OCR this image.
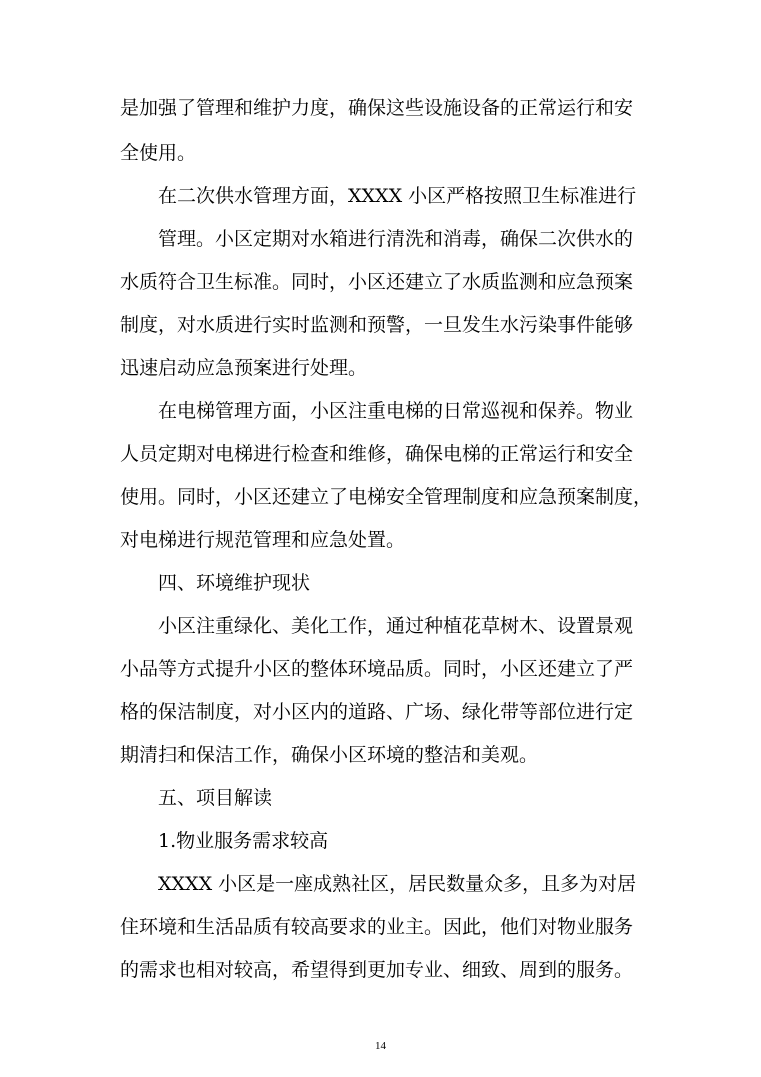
是加强了管理和维护力度，确保这些设施设备的正常运行和安
全使用。
在二次供水管理方面，XXXX 小区严格按照卫生标准进行
管理。小区定期对水箱进行清洗和消毒，确保二次供水的
水质符合卫生标准。同时，小区还建立了水质监测和应急预案
制度，对水质进行实时监测和预警，一旦发生水污染事件能够
迅速启动应急预案进行处理。
在电梯管理方面，小区注重电梯的日常巡视和保养。物业
人员定期对电梯进行检查和维修，确保电梯的正常运行和安全
使用。同时，小区还建立了电梯安全管理制度和应急预案制度，
对电梯进行规范管理和应急处置。
四、环境维护现状
小区注重绿化、美化工作，通过种植花草树木、设置景观
小品等方式提升小区的整体环境品质。同时，小区还建立了严
格的保洁制度，对小区内的道路、广场、绿化带等部位进行定
期清扫和保洁工作，确保小区环境的整洁和美观。
五、项目解读
1.物业服务需求较高
XXXX 小区是一座成熟社区，居民数量众多，且多为对居
住环境和生活品质有较高要求的业主。因此，他们对物业服务
的需求也相对较高，希望得到更加专业、细致、周到的服务。
14
